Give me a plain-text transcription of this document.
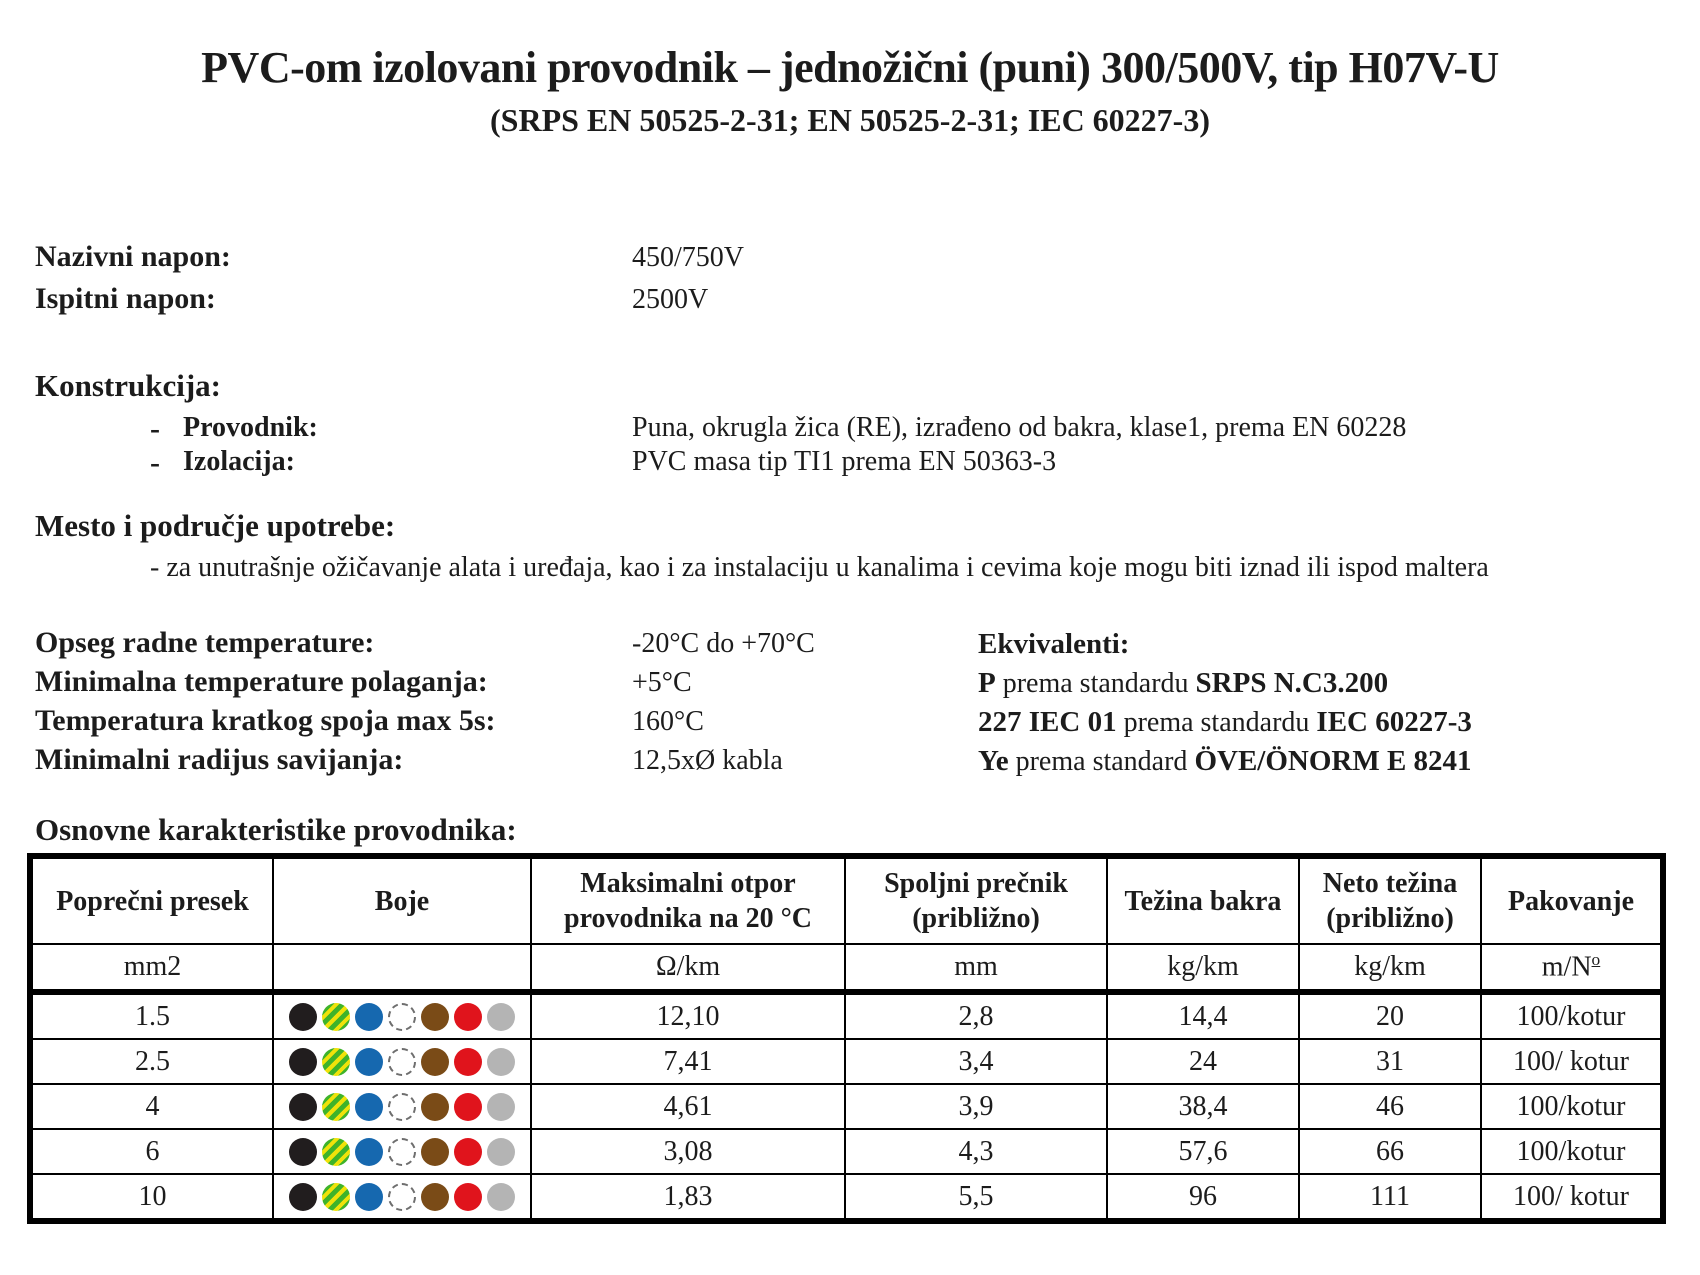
PVC-om izolovani provodnik – jednožični (puni) 300/500V, tip H07V-U
(SRPS EN 50525-2-31; EN 50525-2-31; IEC 60227-3)
Nazivni napon:	450/750V
Ispitni napon:	2500V
Konstrukcija:
- Provodnik:	Puna, okrugla žica (RE), izrađeno od bakra, klase1, prema EN 60228
- Izolacija:	PVC masa tip TI1 prema EN 50363-3
Mesto i područje upotrebe:
- za unutrašnje ožičavanje alata i uređaja, kao i za instalaciju u kanalima i cevima koje mogu biti iznad ili ispod maltera
Opseg radne temperature:	-20°C do +70°C	Ekvivalenti:
Minimalna temperature polaganja:	+5°C	P prema standardu SRPS N.C3.200
Temperatura kratkog spoja max 5s:	160°C	227 IEC 01 prema standardu IEC 60227-3
Minimalni radijus savijanja:	12,5xØ kabla	Ye prema standard ÖVE/ÖNORM E 8241
Osnovne karakteristike provodnika:
Poprečni presek	Boje	Maksimalni otpor provodnika na 20 °C	Spoljni prečnik (približno)	Težina bakra	Neto težina (približno)	Pakovanje
mm2		Ω/km	mm	kg/km	kg/km	$m/N^o$
1.5		12,10	2,8	14,4	20	100/kotur
2.5		7,41	3,4	24	31	100/ kotur
4		4,61	3,9	38,4	46	100/kotur
6		3,08	4,3	57,6	66	100/kotur
10		1,83	5,5	96	111	100/ kotur
